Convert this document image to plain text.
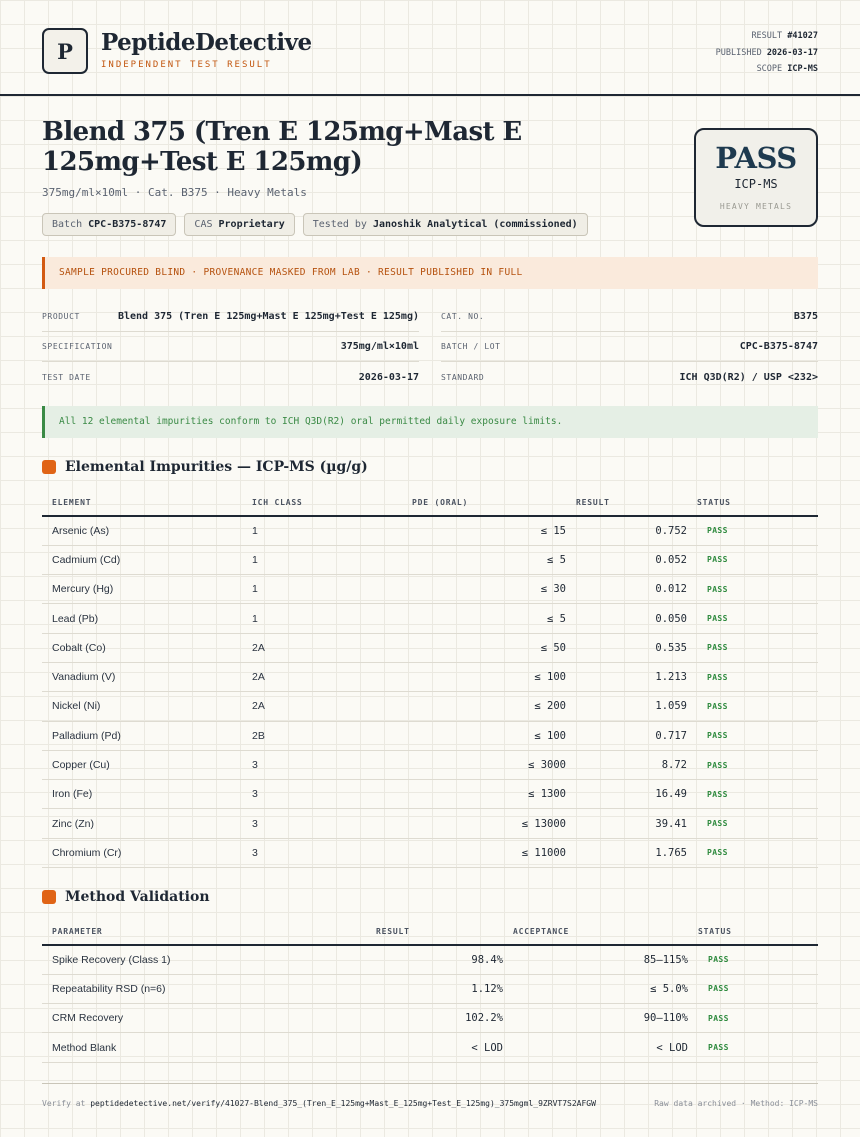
P	PeptideDetective
INDEPENDENT TEST RESULT
RESULT #41027
PUBLISHED 2026-03-17
SCOPE ICP-MS
Blend 375 (Tren E 125mg+Mast E 125mg+Test E 125mg)
375mg/ml×10ml · Cat. B375 · Heavy Metals
Batch CPC-B375-8747	CAS Proprietary	Tested by Janoshik Analytical (commissioned)
PASS
ICP-MS
HEAVY METALS
SAMPLE PROCURED BLIND · PROVENANCE MASKED FROM LAB · RESULT PUBLISHED IN FULL
PRODUCT	Blend 375 (Tren E 125mg+Mast E 125mg+Test E 125mg)
SPECIFICATION	375mg/ml×10ml
TEST DATE	2026-03-17
CAT. NO.	B375
BATCH / LOT	CPC-B375-8747
STANDARD	ICH Q3D(R2) / USP <232>
All 12 elemental impurities conform to ICH Q3D(R2) oral permitted daily exposure limits.
Elemental Impurities — ICP-MS (µg/g)
ELEMENT	ICH CLASS	PDE (ORAL)	RESULT	STATUS
Arsenic (As)	1	≤ 15	0.752	PASS
Cadmium (Cd)	1	≤ 5	0.052	PASS
Mercury (Hg)	1	≤ 30	0.012	PASS
Lead (Pb)	1	≤ 5	0.050	PASS
Cobalt (Co)	2A	≤ 50	0.535	PASS
Vanadium (V)	2A	≤ 100	1.213	PASS
Nickel (Ni)	2A	≤ 200	1.059	PASS
Palladium (Pd)	2B	≤ 100	0.717	PASS
Copper (Cu)	3	≤ 3000	8.72	PASS
Iron (Fe)	3	≤ 1300	16.49	PASS
Zinc (Zn)	3	≤ 13000	39.41	PASS
Chromium (Cr)	3	≤ 11000	1.765	PASS
Method Validation
PARAMETER	RESULT	ACCEPTANCE	STATUS
Spike Recovery (Class 1)	98.4%	85–115%	PASS
Repeatability RSD (n=6)	1.12%	≤ 5.0%	PASS
CRM Recovery	102.2%	90–110%	PASS
Method Blank	< LOD	< LOD	PASS
Verify at peptidedetective.net/verify/41027-Blend_375_(Tren_E_125mg+Mast_E_125mg+Test_E_125mg)_375mgml_9ZRVT7S2AFGW	Raw data archived · Method: ICP-MS
